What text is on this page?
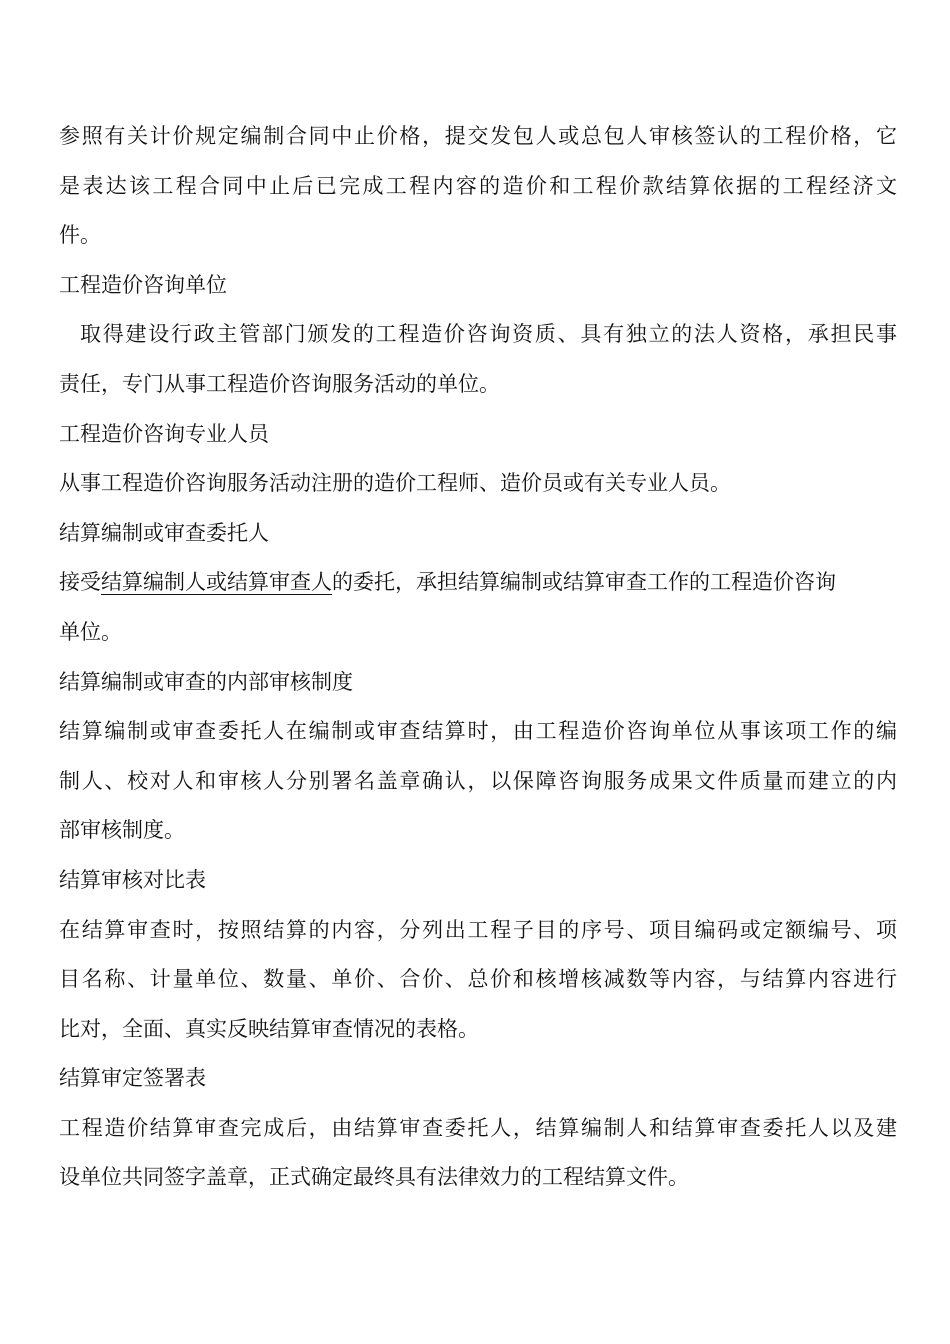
参照有关计价规定编制合同中止价格，提交发包人或总包人审核签认的工程价格，它
是表达该工程合同中止后已完成工程内容的造价和工程价款结算依据的工程经济文
件。
工程造价咨询单位
取得建设行政主管部门颁发的工程造价咨询资质、具有独立的法人资格，承担民事
责任，专门从事工程造价咨询服务活动的单位。
工程造价咨询专业人员
从事工程造价咨询服务活动注册的造价工程师、造价员或有关专业人员。
结算编制或审查委托人
接受结算编制人或结算审查人的委托，承担结算编制或结算审查工作的工程造价咨询
单位。
结算编制或审查的内部审核制度
结算编制或审查委托人在编制或审查结算时，由工程造价咨询单位从事该项工作的编
制人、校对人和审核人分别署名盖章确认，以保障咨询服务成果文件质量而建立的内
部审核制度。
结算审核对比表
在结算审查时，按照结算的内容，分列出工程子目的序号、项目编码或定额编号、项
目名称、计量单位、数量、单价、合价、总价和核增核减数等内容，与结算内容进行
比对，全面、真实反映结算审查情况的表格。
结算审定签署表
工程造价结算审查完成后，由结算审查委托人，结算编制人和结算审查委托人以及建
设单位共同签字盖章，正式确定最终具有法律效力的工程结算文件。
